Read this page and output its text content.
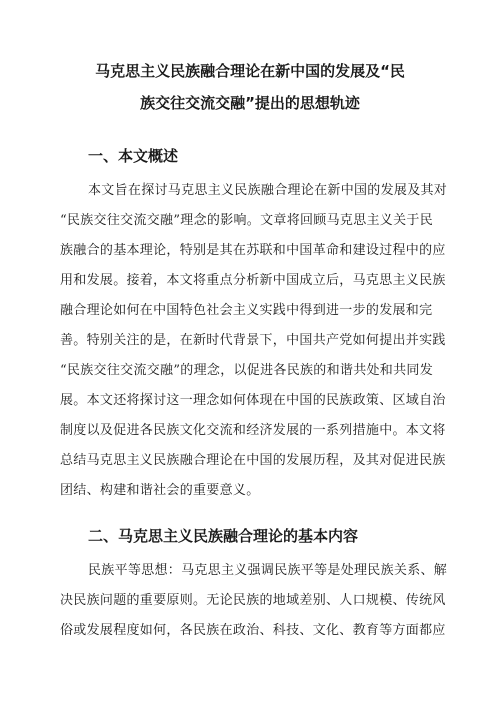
马克思主义民族融合理论在新中国的发展及“民
族交往交流交融”提出的思想轨迹
一、本文概述
本文旨在探讨马克思主义民族融合理论在新中国的发展及其对
“民族交往交流交融”理念的影响。文章将回顾马克思主义关于民
族融合的基本理论，特别是其在苏联和中国革命和建设过程中的应
用和发展。接着，本文将重点分析新中国成立后，马克思主义民族
融合理论如何在中国特色社会主义实践中得到进一步的发展和完
善。特别关注的是，在新时代背景下，中国共产党如何提出并实践
“民族交往交流交融”的理念，以促进各民族的和谐共处和共同发
展。本文还将探讨这一理念如何体现在中国的民族政策、区域自治
制度以及促进各民族文化交流和经济发展的一系列措施中。本文将
总结马克思主义民族融合理论在中国的发展历程，及其对促进民族
团结、构建和谐社会的重要意义。
二、马克思主义民族融合理论的基本内容
民族平等思想：马克思主义强调民族平等是处理民族关系、解
决民族问题的重要原则。无论民族的地域差别、人口规模、传统风
俗或发展程度如何，各民族在政治、科技、文化、教育等方面都应
